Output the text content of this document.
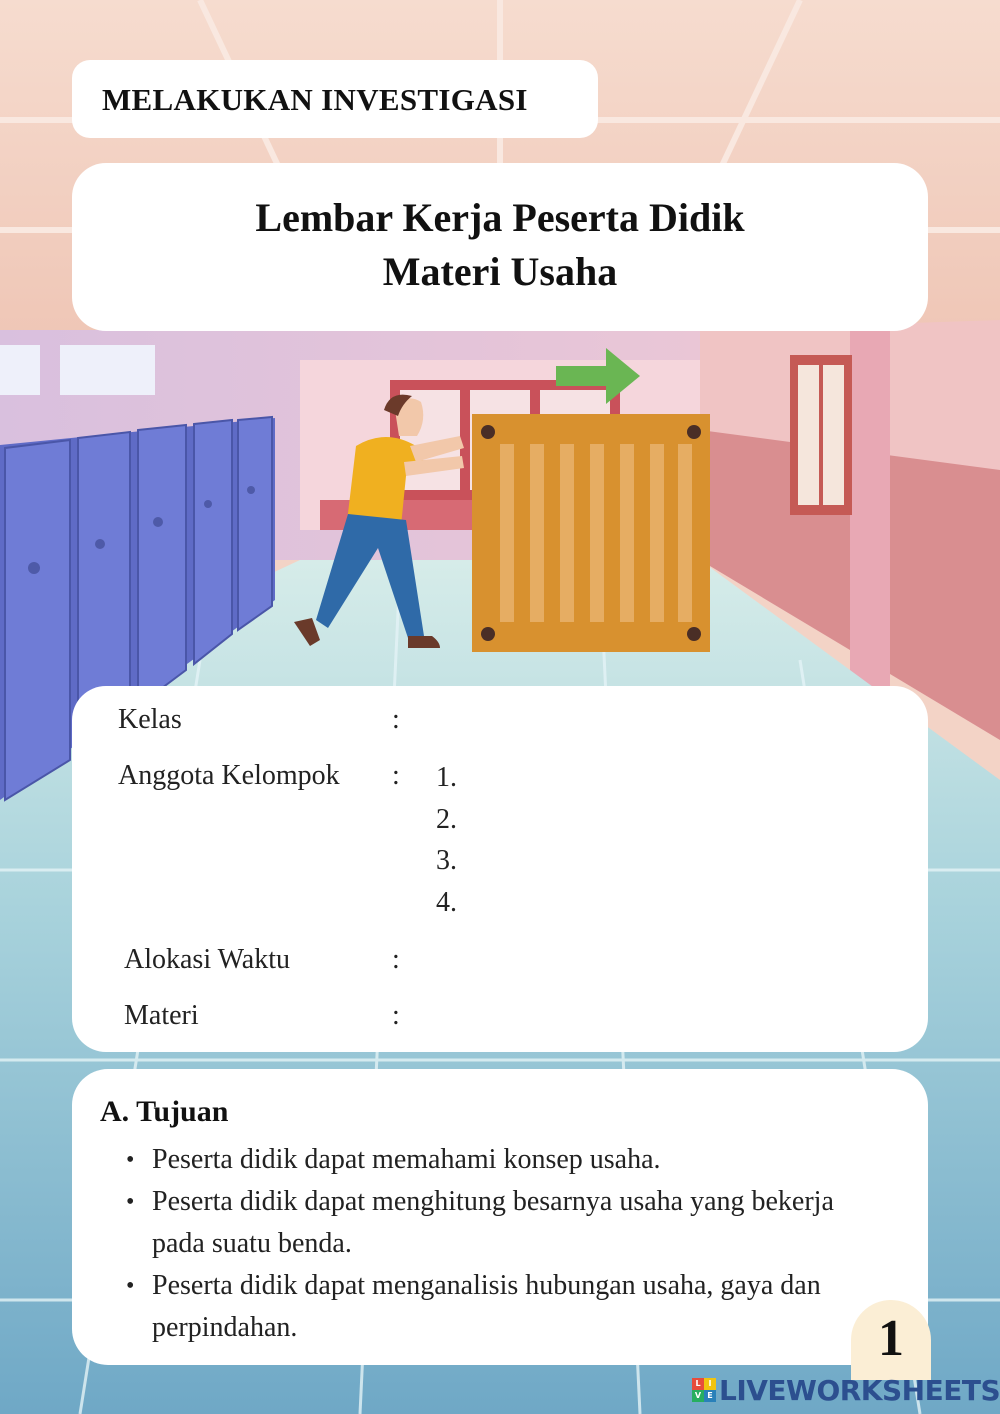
MELAKUKAN INVESTIGASI
Lembar Kerja Peserta Didik
Materi Usaha
Kelas	:
Anggota Kelompok : 1.
2.
3.
4.
Alokasi Waktu	:
Materi	:
A. Tujuan
• Peserta didik dapat memahami konsep usaha.
• Peserta didik dapat menghitung besarnya usaha yang bekerja pada suatu benda.
• Peserta didik dapat menganalisis hubungan usaha, gaya dan perpindahan.	1
L I
V E LIVEWORKSHEETS
